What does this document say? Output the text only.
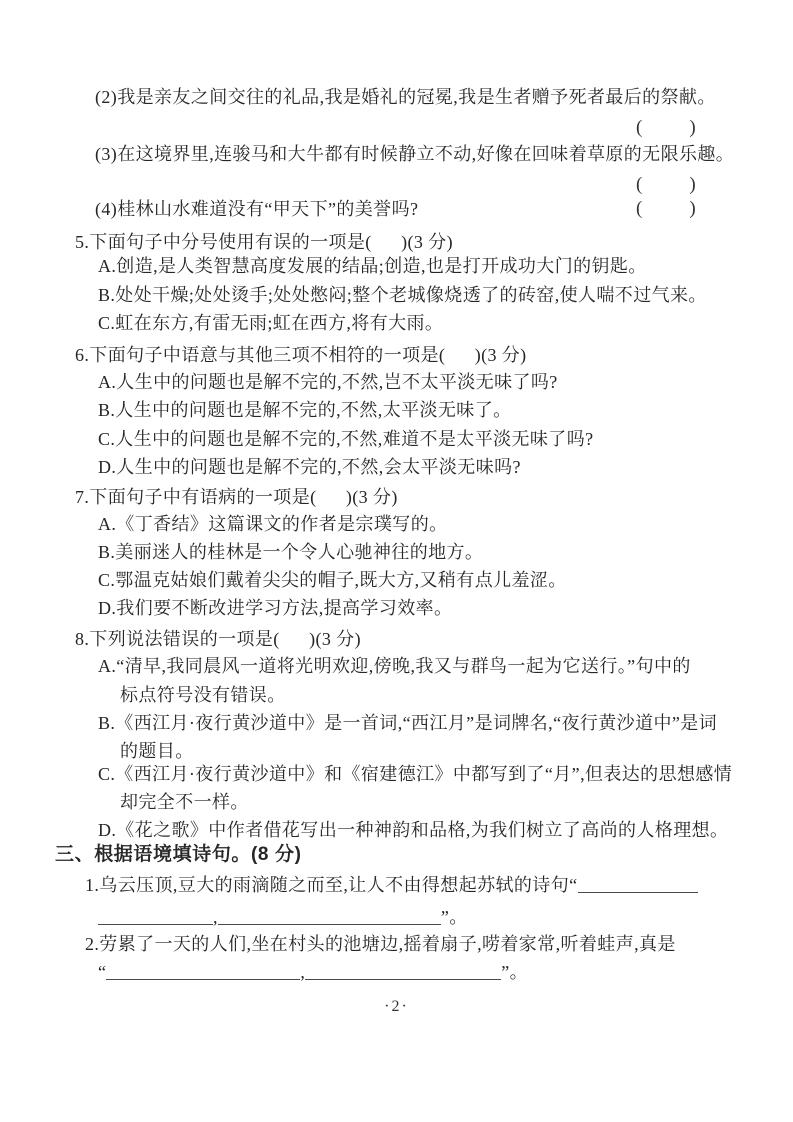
(2)我是亲友之间交往的礼品,我是婚礼的冠冕,我是生者赠予死者最后的祭献。
(        )
(3)在这境界里,连骏马和大牛都有时候静立不动,好像在回味着草原的无限乐趣。
(        )
(4)桂林山水难道没有“甲天下”的美誉吗?	(        )
5.下面句子中分号使用有误的一项是(      )(3 分)
A.创造,是人类智慧高度发展的结晶;创造,也是打开成功大门的钥匙。
B.处处干燥;处处烫手;处处憋闷;整个老城像烧透了的砖窑,使人喘不过气来。
C.虹在东方,有雷无雨;虹在西方,将有大雨。
6.下面句子中语意与其他三项不相符的一项是(      )(3 分)
A.人生中的问题也是解不完的,不然,岂不太平淡无味了吗?
B.人生中的问题也是解不完的,不然,太平淡无味了。
C.人生中的问题也是解不完的,不然,难道不是太平淡无味了吗?
D.人生中的问题也是解不完的,不然,会太平淡无味吗?
7.下面句子中有语病的一项是(      )(3 分)
A.《丁香结》这篇课文的作者是宗璞写的。
B.美丽迷人的桂林是一个令人心驰神往的地方。
C.鄂温克姑娘们戴着尖尖的帽子,既大方,又稍有点儿羞涩。
D.我们要不断改进学习方法,提高学习效率。
8.下列说法错误的一项是(      )(3 分)
A.“清早,我同晨风一道将光明欢迎,傍晚,我又与群鸟一起为它送行。”句中的
标点符号没有错误。
B.《西江月·夜行黄沙道中》是一首词,“西江月”是词牌名,“夜行黄沙道中”是词
的题目。
C.《西江月·夜行黄沙道中》和《宿建德江》中都写到了“月”,但表达的思想感情
却完全不一样。
D.《花之歌》中作者借花写出一种神韵和品格,为我们树立了高尚的人格理想。
三、根据语境填诗句。(8 分)
1.乌云压顶,豆大的雨滴随之而至,让人不由得想起苏轼的诗句“
,	”。
2.劳累了一天的人们,坐在村头的池塘边,摇着扇子,唠着家常,听着蛙声,真是
“	,	”。
·2·
